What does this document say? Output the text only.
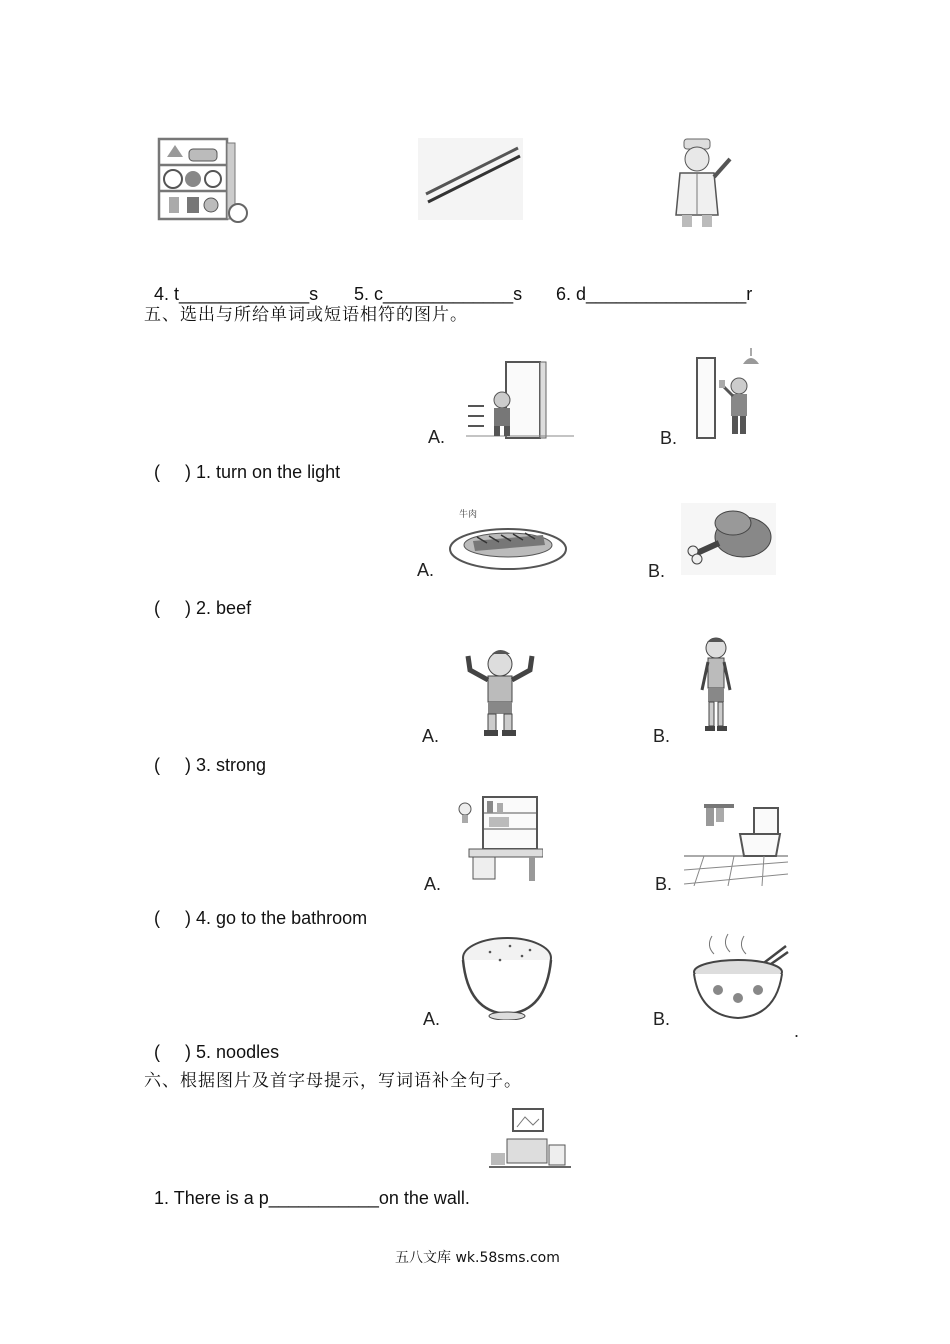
4. t_____________s	5. c_____________s	6. d________________r

五、选出与所给单词或短语相符的图片。

(     ) 1. turn on the light

A.	B.

(     ) 2. beef

A.
牛肉
B.

(     ) 3. strong

A.	B.

(     ) 4. go to the bathroom

A.	B.

(     ) 5. noodles

A.	B.
.
六、根据图片及首字母提示，写词语补全句子。

1. There is a p___________on the wall.

五八文库 wk.58sms.com
